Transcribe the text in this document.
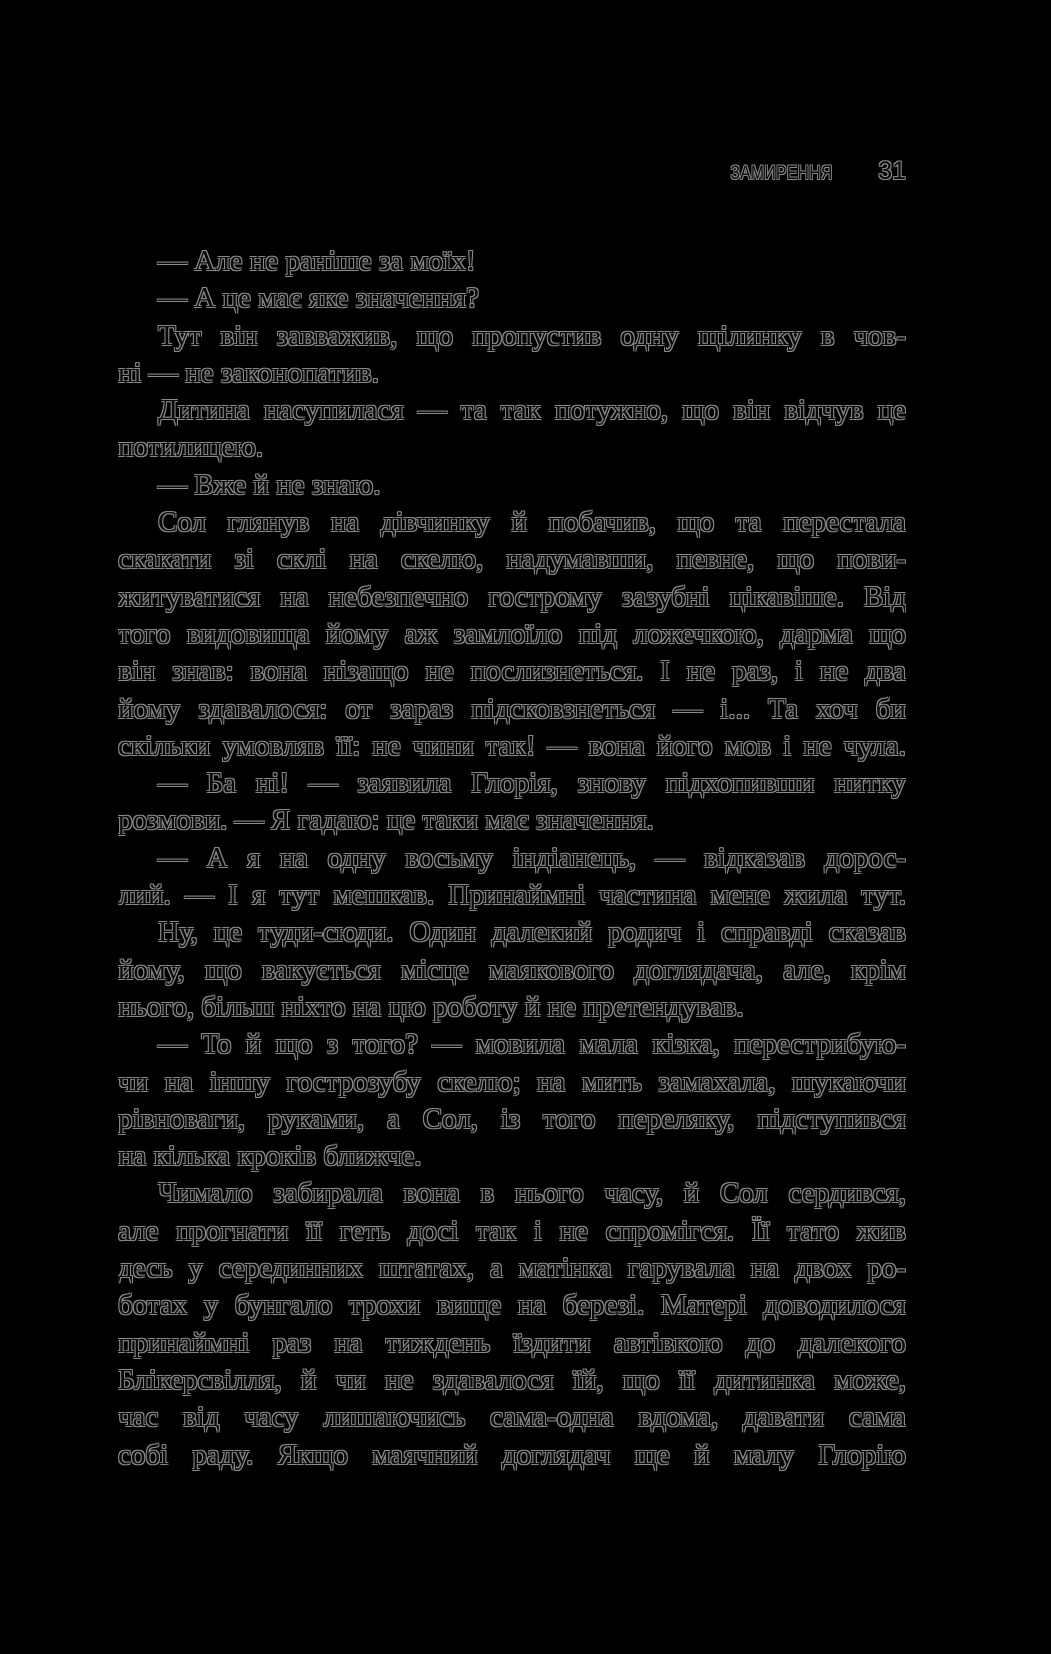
ЗАМИРЕННЯ 31
— Але не раніше за моїх!
— А це має яке значення?
Тут він завважив, що пропустив одну щілинку в чов-
ні — не законопатив.
Дитина насупилася — та так потужно, що він відчув це
потилицею.
— Вже й не знаю.
Сол глянув на дівчинку й побачив, що та перестала
скакати зі склі на скелю, надумавши, певне, що пови-
житуватися на небезпечно гострому зазубні цікавіше. Від
того видовища йому аж замлоїло під ложечкою, дарма що
він знав: вона нізащо не послизнеться. І не раз, і не два
йому здавалося: от зараз підсковзнеться — і... Та хоч би
скільки умовляв її: не чини так! — вона його мов і не чула.
— Ба ні! — заявила Глорія, знову підхопивши нитку
розмови. — Я гадаю: це таки має значення.
— А я на одну восьму індіанець, — відказав дорос-
лий. — І я тут мешкав. Принаймні частина мене жила тут.
Ну, це туди-сюди. Один далекий родич і справді сказав
йому, що вакується місце маякового доглядача, але, крім
нього, більш ніхто на цю роботу й не претендував.
— То й що з того? — мовила мала кізка, перестрибую-
чи на іншу гострозубу скелю; на мить замахала, шукаючи
рівноваги, руками, а Сол, із того переляку, підступився
на кілька кроків ближче.
Чимало забирала вона в нього часу, й Сол сердився,
але прогнати її геть досі так і не спромігся. Її тато жив
десь у серединних штатах, а матінка гарувала на двох ро-
ботах у бунгало трохи вище на березі. Матері доводилося
принаймні раз на тиждень їздити автівкою до далекого
Блікерсвілля, й чи не здавалося їй, що її дитинка може,
час від часу лишаючись сама-одна вдома, давати сама
собі раду. Якщо маячний доглядач ще й малу Глорію
